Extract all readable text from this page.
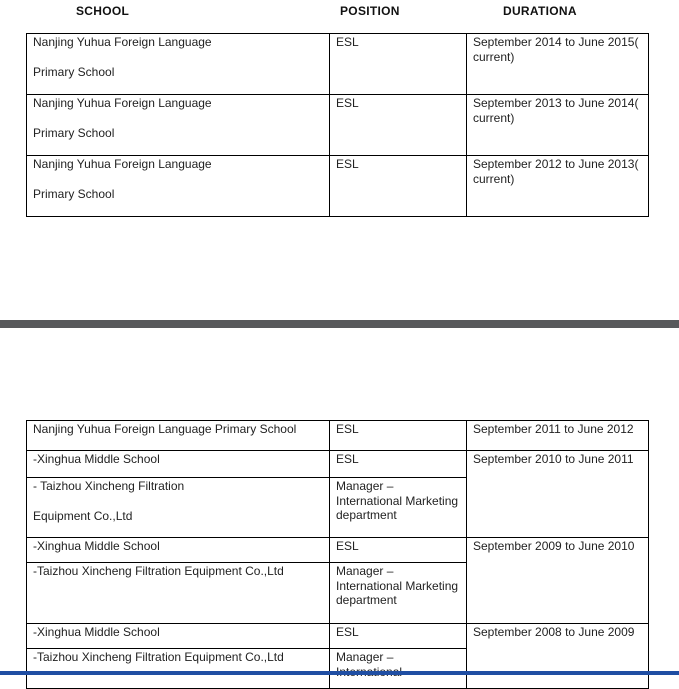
SCHOOL	POSITION	DURATIONA
Nanjing Yuhua Foreign Language
Primary School	ESL	September 2014 to June 2015( current)

Nanjing Yuhua Foreign Language
Primary School	ESL	September 2013 to June 2014( current)

Nanjing Yuhua Foreign Language
Primary School	ESL	September 2012 to June 2013( current)
Nanjing Yuhua Foreign Language Primary School	ESL	September 2011 to June 2012
-Xinghua Middle School	ESL	September 2010 to June 2011
- Taizhou Xincheng Filtration
Equipment Co.,Ltd	Manager – International Marketing department	
-Xinghua Middle School	ESL	September 2009 to June 2010
-Taizhou Xincheng Filtration Equipment Co.,Ltd	Manager – International Marketing department	
-Xinghua Middle School	ESL	September 2008 to June 2009
-Taizhou Xincheng Filtration Equipment Co.,Ltd	Manager –	
